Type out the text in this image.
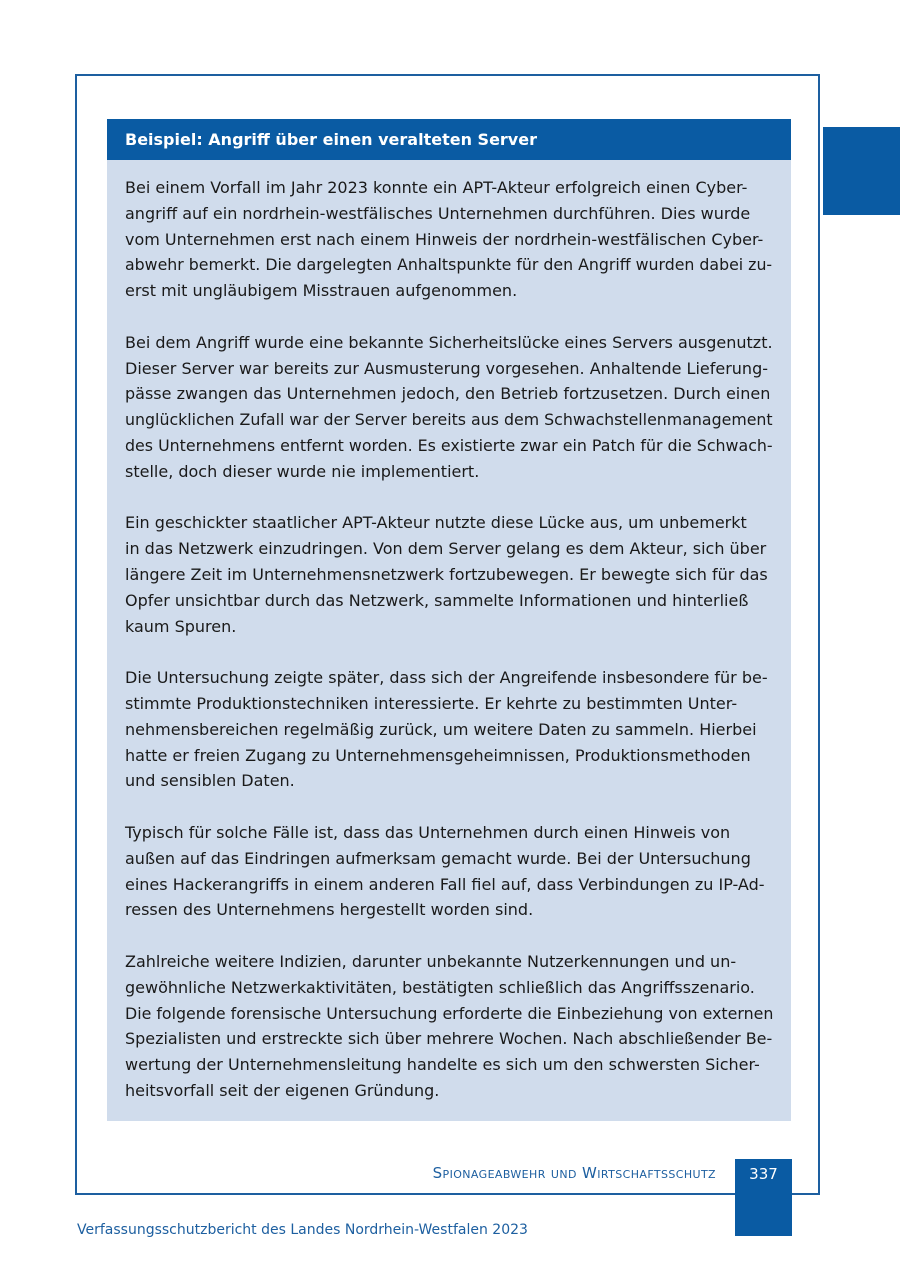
Beispiel: Angriff über einen veralteten Server

Bei einem Vorfall im Jahr 2023 konnte ein APT-Akteur erfolgreich einen Cyber-
angriff auf ein nordrhein-westfälisches Unternehmen durchführen. Dies wurde
vom Unternehmen erst nach einem Hinweis der nordrhein-westfälischen Cyber-
abwehr bemerkt. Die dargelegten Anhaltspunkte für den Angriff wurden dabei zu-
erst mit ungläubigem Misstrauen aufgenommen.

Bei dem Angriff wurde eine bekannte Sicherheitslücke eines Servers ausgenutzt.
Dieser Server war bereits zur Ausmusterung vorgesehen. Anhaltende Lieferung-
pässe zwangen das Unternehmen jedoch, den Betrieb fortzusetzen. Durch einen
unglücklichen Zufall war der Server bereits aus dem Schwachstellenmanagement
des Unternehmens entfernt worden. Es existierte zwar ein Patch für die Schwach-
stelle, doch dieser wurde nie implementiert.

Ein geschickter staatlicher APT-Akteur nutzte diese Lücke aus, um unbemerkt
in das Netzwerk einzudringen. Von dem Server gelang es dem Akteur, sich über
längere Zeit im Unternehmensnetzwerk fortzubewegen. Er bewegte sich für das
Opfer unsichtbar durch das Netzwerk, sammelte Informationen und hinterließ
kaum Spuren.

Die Untersuchung zeigte später, dass sich der Angreifende insbesondere für be-
stimmte Produktionstechniken interessierte. Er kehrte zu bestimmten Unter-
nehmensbereichen regelmäßig zurück, um weitere Daten zu sammeln. Hierbei
hatte er freien Zugang zu Unternehmensgeheimnissen, Produktionsmethoden
und sensiblen Daten.

Typisch für solche Fälle ist, dass das Unternehmen durch einen Hinweis von
außen auf das Eindringen aufmerksam gemacht wurde. Bei der Untersuchung
eines Hackerangriffs in einem anderen Fall fiel auf, dass Verbindungen zu IP-Ad-
ressen des Unternehmens hergestellt worden sind.

Zahlreiche weitere Indizien, darunter unbekannte Nutzerkennungen und un-
gewöhnliche Netzwerkaktivitäten, bestätigten schließlich das Angriffsszenario.
Die folgende forensische Untersuchung erforderte die Einbeziehung von externen
Spezialisten und erstreckte sich über mehrere Wochen. Nach abschließender Be-
wertung der Unternehmensleitung handelte es sich um den schwersten Sicher-
heitsvorfall seit der eigenen Gründung.

Spionageabwehr und Wirtschaftsschutz	337
Verfassungsschutzbericht des Landes Nordrhein-Westfalen 2023
